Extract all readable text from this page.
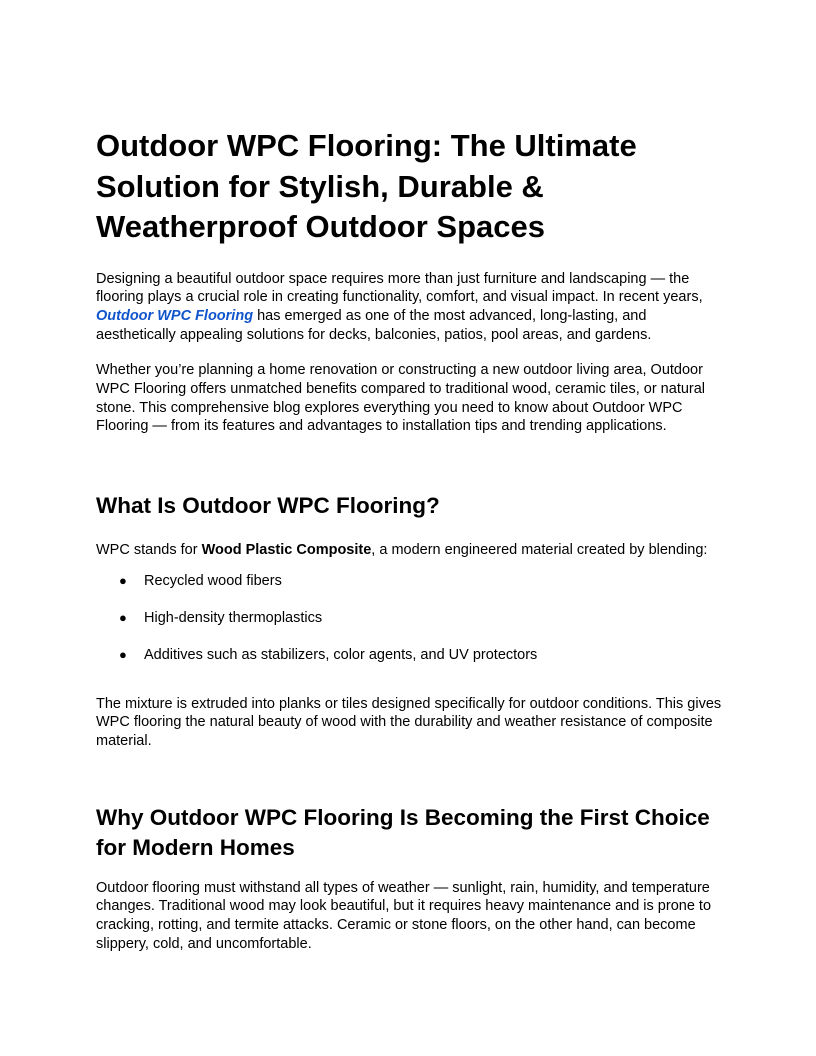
Outdoor WPC Flooring: The Ultimate Solution for Stylish, Durable & Weatherproof Outdoor Spaces

Designing a beautiful outdoor space requires more than just furniture and landscaping — the flooring plays a crucial role in creating functionality, comfort, and visual impact. In recent years, Outdoor WPC Flooring has emerged as one of the most advanced, long-lasting, and aesthetically appealing solutions for decks, balconies, patios, pool areas, and gardens.

Whether you’re planning a home renovation or constructing a new outdoor living area, Outdoor WPC Flooring offers unmatched benefits compared to traditional wood, ceramic tiles, or natural stone. This comprehensive blog explores everything you need to know about Outdoor WPC Flooring — from its features and advantages to installation tips and trending applications.

What Is Outdoor WPC Flooring?

WPC stands for Wood Plastic Composite, a modern engineered material created by blending:

● Recycled wood fibers
● High-density thermoplastics
● Additives such as stabilizers, color agents, and UV protectors

The mixture is extruded into planks or tiles designed specifically for outdoor conditions. This gives WPC flooring the natural beauty of wood with the durability and weather resistance of composite material.

Why Outdoor WPC Flooring Is Becoming the First Choice for Modern Homes

Outdoor flooring must withstand all types of weather — sunlight, rain, humidity, and temperature changes. Traditional wood may look beautiful, but it requires heavy maintenance and is prone to cracking, rotting, and termite attacks. Ceramic or stone floors, on the other hand, can become slippery, cold, and uncomfortable.
